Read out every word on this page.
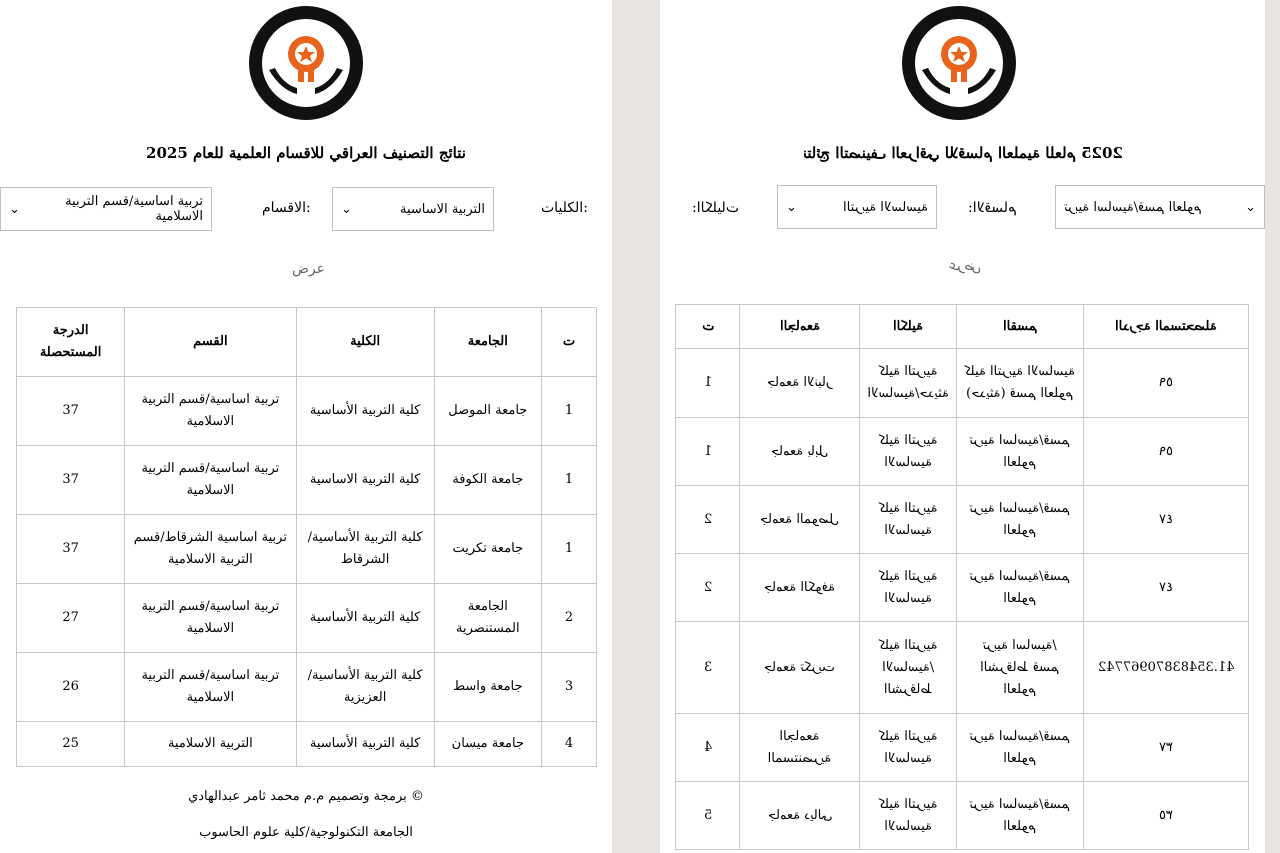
نتائج التصنيف العراقي للاقسام العلمية للعام 2025
الكليات:
التربية الاساسية
⌄
الاقسام:
تربية اساسية/قسم التربية الاسلامية
⌄
عرض
ت	الجامعة	الكلية	القسم	الدرجة المستحصلة
1	جامعة الموصل	كلية التربية الأساسية	تربية اساسية/قسم التربية الاسلامية	37
1	جامعة الكوفة	كلية التربية الاساسية	تربية اساسية/قسم التربية الاسلامية	37
1	جامعة تكريت	كلية التربية الأساسية/الشرقاط	تربية اساسية الشرقاط/قسم التربية الاسلامية	37
2	الجامعة المستنصرية	كلية التربية الأساسية	تربية اساسية/قسم التربية الاسلامية	27
3	جامعة واسط	كلية التربية الأساسية/العزيزية	تربية اساسية/قسم التربية الاسلامية	26
4	جامعة ميسان	كلية التربية الأساسية	التربية الاسلامية	25
© برمجة وتصميم م.م محمد ثامر عبدالهادي
الجامعة التكنولوجية/كلية علوم الحاسوب
نتائج التصنيف العراقي للاقسام العلمية للعام 2025
الكليات:	⌄	التربية الاساسية	الاقسام:	تربية اساسية/قسم العلوم	⌄
عرض
ت	الجامعة	الكلية	القسم	الدرجة المستحصلة
1	جامعة الانبار	كلية التربية الاساسية/حديثة	كلية التربية الاساسية (حديثة) قسم العلوم	٥٩
1	جامعة بابل	كلية التربية الاساسية	تربية اساسية/قسم العلوم	٥٩
2	جامعة الموصل	كلية التربية الاساسية	تربية اساسية/قسم العلوم	٤٧
2	جامعة الكوفة	كلية التربية الاساسية	تربية اساسية/قسم العلوم	٤٧
3	جامعة تكريت	كلية التربية الاساسية/الشرقاط	تربية اساسية/الشرقاط قسم العلوم	41.35483870967742
4	الجامعة المستنصرية	كلية التربية الاساسية	تربية اساسية/قسم العلوم	٣٧
5	جامعة ديالى	كلية التربية الاساسية	تربية اساسية/قسم العلوم	٣٥
